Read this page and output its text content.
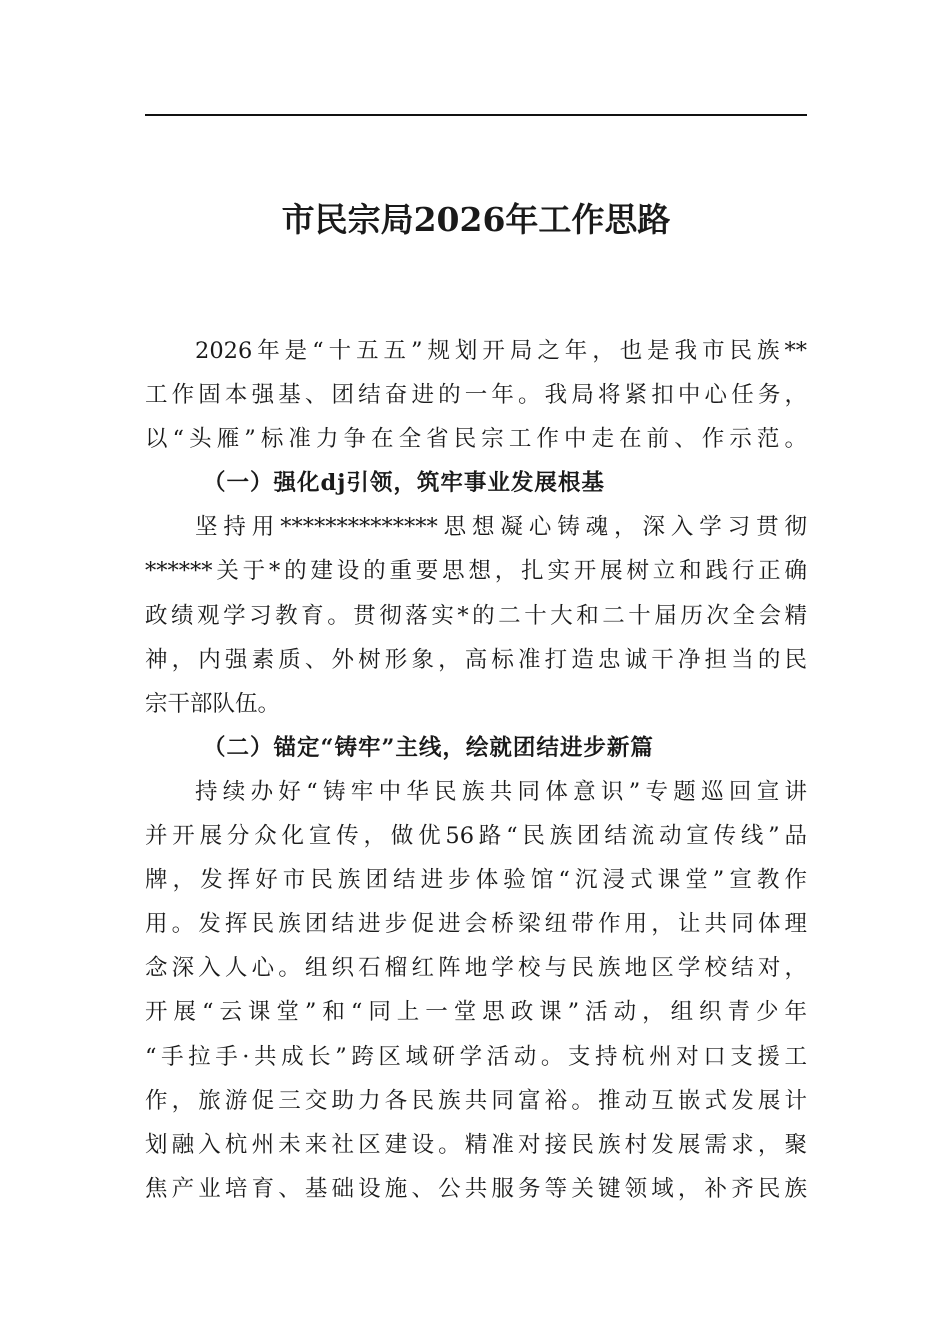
市民宗局2026年工作思路
2026年是“十五五”规划开局之年，也是我市民族**
工作固本强基、团结奋进的一年。我局将紧扣中心任务，
以“头雁”标准力争在全省民宗工作中走在前、作示范。
（一）强化dj引领，筑牢事业发展根基
坚持用**************思想凝心铸魂，深入学习贯彻
******关于*的建设的重要思想，扎实开展树立和践行正确
政绩观学习教育。贯彻落实*的二十大和二十届历次全会精
神，内强素质、外树形象，高标准打造忠诚干净担当的民
宗干部队伍。
（二）锚定“铸牢”主线，绘就团结进步新篇
持续办好“铸牢中华民族共同体意识”专题巡回宣讲
并开展分众化宣传，做优56路“民族团结流动宣传线”品
牌，发挥好市民族团结进步体验馆“沉浸式课堂”宣教作
用。发挥民族团结进步促进会桥梁纽带作用，让共同体理
念深入人心。组织石榴红阵地学校与民族地区学校结对，
开展“云课堂”和“同上一堂思政课”活动，组织青少年
“手拉手·共成长”跨区域研学活动。支持杭州对口支援工
作，旅游促三交助力各民族共同富裕。推动互嵌式发展计
划融入杭州未来社区建设。精准对接民族村发展需求，聚
焦产业培育、基础设施、公共服务等关键领域，补齐民族
